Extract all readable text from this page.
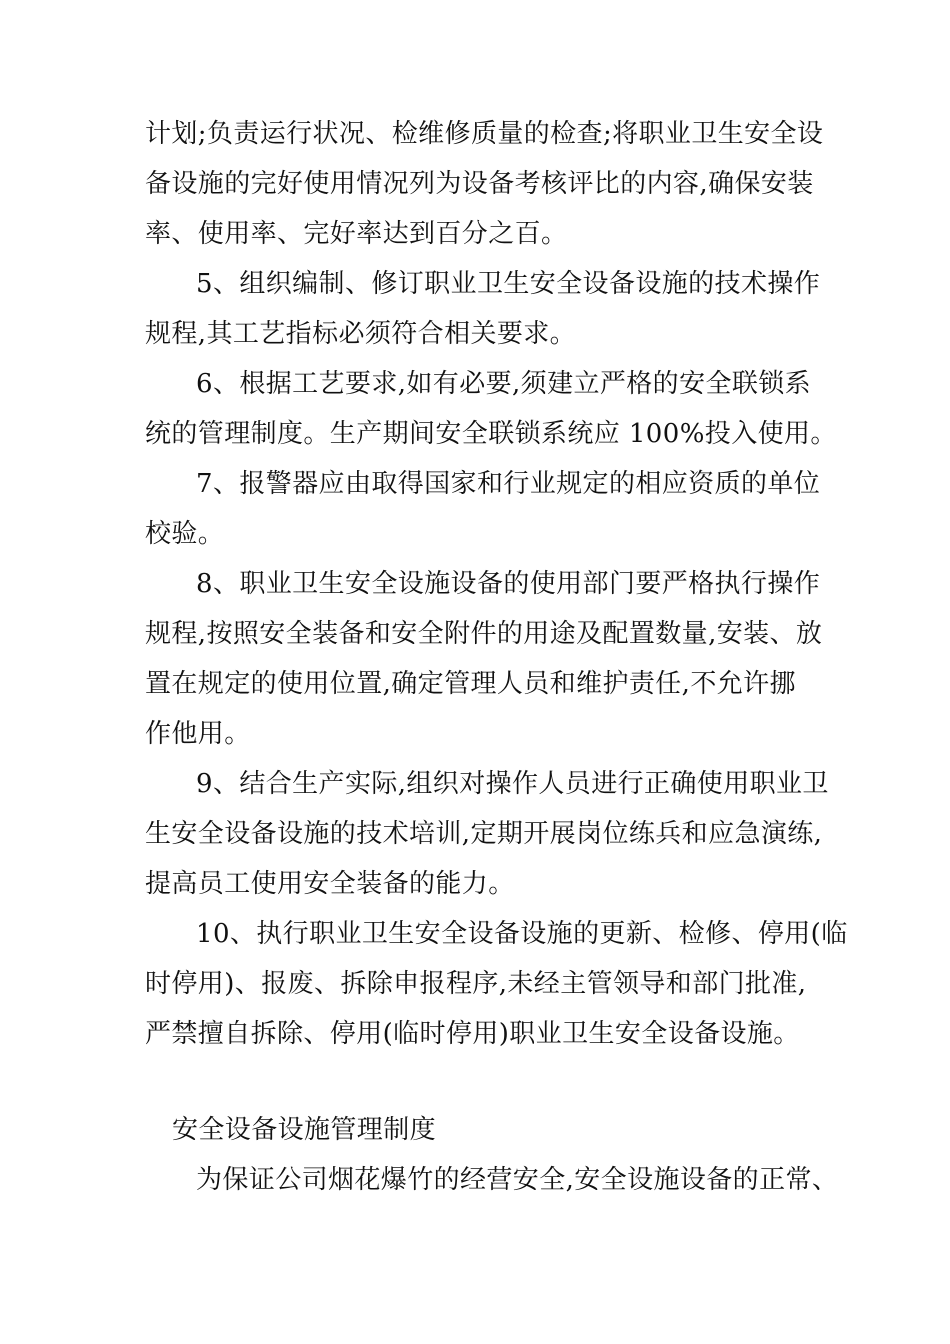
计划;负责运行状况、检维修质量的检查;将职业卫生安全设
备设施的完好使用情况列为设备考核评比的内容,确保安装
率、使用率、完好率达到百分之百。
5、组织编制、修订职业卫生安全设备设施的技术操作
规程,其工艺指标必须符合相关要求。
6、根据工艺要求,如有必要,须建立严格的安全联锁系
统的管理制度。生产期间安全联锁系统应 100%投入使用。
7、报警器应由取得国家和行业规定的相应资质的单位
校验。
8、职业卫生安全设施设备的使用部门要严格执行操作
规程,按照安全装备和安全附件的用途及配置数量,安装、放
置在规定的使用位置,确定管理人员和维护责任,不允许挪
作他用。
9、结合生产实际,组织对操作人员进行正确使用职业卫
生安全设备设施的技术培训,定期开展岗位练兵和应急演练,
提高员工使用安全装备的能力。
10、执行职业卫生安全设备设施的更新、检修、停用(临
时停用)、报废、拆除申报程序,未经主管领导和部门批准,
严禁擅自拆除、停用(临时停用)职业卫生安全设备设施。
安全设备设施管理制度
为保证公司烟花爆竹的经营安全,安全设施设备的正常、
